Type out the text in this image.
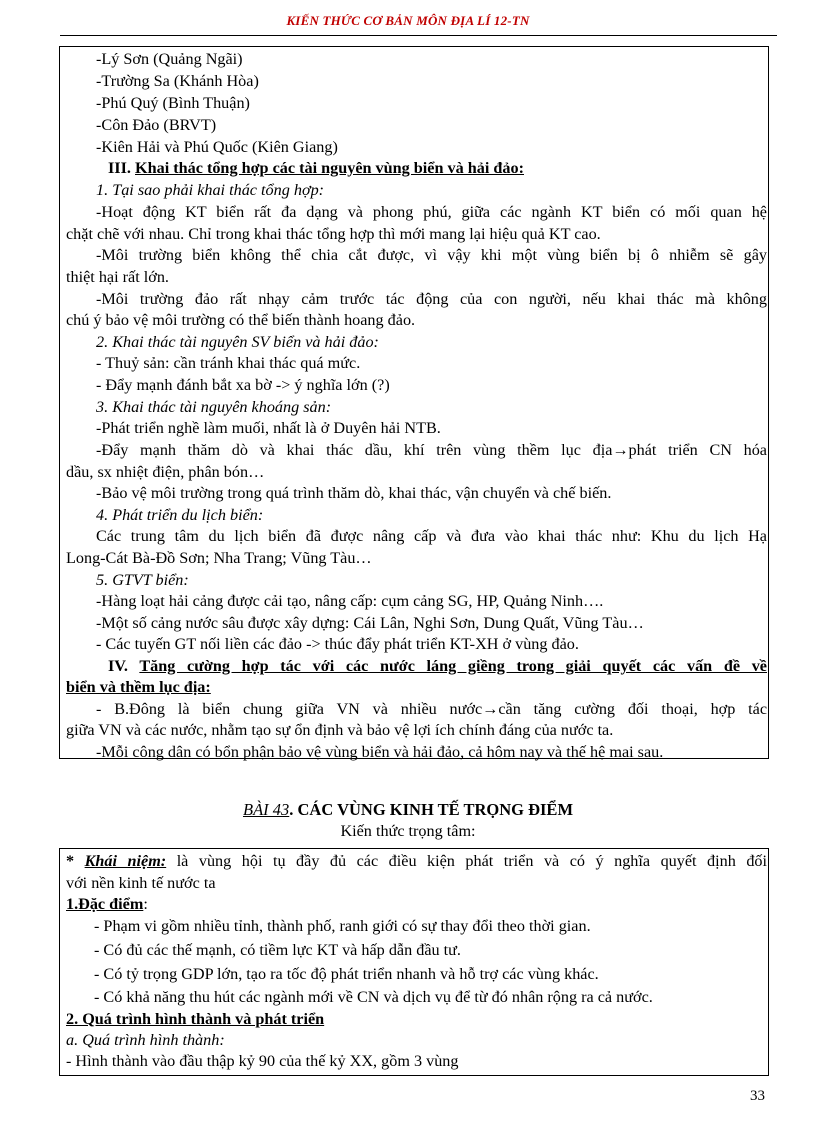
KIẾN THỨC CƠ BẢN MÔN ĐỊA LÍ 12-TN
-Lý Sơn (Quảng Ngãi)
-Trường Sa (Khánh Hòa)
-Phú Quý (Bình Thuận)
-Côn Đảo (BRVT)
-Kiên Hải và Phú Quốc (Kiên Giang)
III. Khai thác tổng hợp các tài nguyên vùng biển và hải đảo:
1. Tại sao phải khai thác tổng hợp:
-Hoạt động KT biển rất đa dạng và phong phú, giữa các ngành KT biển có mối quan hệ
chặt chẽ với nhau. Chỉ trong khai thác tổng hợp thì mới mang lại hiệu quả KT cao.
-Môi trường biển không thể chia cắt được, vì vậy khi một vùng biển bị ô nhiễm sẽ gây
thiệt hại rất lớn.
-Môi trường đảo rất nhạy cảm trước tác động của con người, nếu khai thác mà không
chú ý bảo vệ môi trường có thể biến thành hoang đảo.
2. Khai thác tài nguyên SV biển và hải đảo:
- Thuỷ sản: cần tránh khai thác quá mức.
- Đẩy mạnh đánh bắt xa bờ -> ý nghĩa lớn (?)
3. Khai thác tài nguyên khoáng sản:
-Phát triển nghề làm muối, nhất là ở Duyên hải NTB.
-Đẩy mạnh thăm dò và khai thác dầu, khí trên vùng thềm lục địa→phát triển CN hóa
dầu, sx nhiệt điện, phân bón…
-Bảo vệ môi trường trong quá trình thăm dò, khai thác, vận chuyển và chế biến.
4. Phát triển du lịch biển:
Các trung tâm du lịch biển đã được nâng cấp và đưa vào khai thác như: Khu du lịch Hạ
Long-Cát Bà-Đồ Sơn; Nha Trang; Vũng Tàu…
5. GTVT biển:
-Hàng loạt hải cảng được cải tạo, nâng cấp: cụm cảng SG, HP, Quảng Ninh….
-Một số cảng nước sâu được xây dựng: Cái Lân, Nghi Sơn, Dung Quất, Vũng Tàu…
- Các tuyến GT nối liền các đảo -> thúc đẩy phát triển KT-XH ở vùng đảo.
IV. Tăng cường hợp tác với các nước láng giềng trong giải quyết các vấn đề về
biển và thềm lục địa:
- B.Đông là biển chung giữa VN và nhiều nước→cần tăng cường đối thoại, hợp tác
giữa VN và các nước, nhằm tạo sự ổn định và bảo vệ lợi ích chính đáng của nước ta.
-Mỗi công dân có bổn phận bảo vệ vùng biển và hải đảo, cả hôm nay và thế hệ mai sau.
BÀI 43. CÁC VÙNG KINH TẾ TRỌNG ĐIỂM
Kiến thức trọng tâm:
* Khái niệm: là vùng hội tụ đầy đủ các điều kiện phát triển và có ý nghĩa quyết định đối
với nền kinh tế nước ta
1.Đặc điểm:
- Phạm vi gồm nhiều tỉnh, thành phố, ranh giới có sự thay đổi theo thời gian.
- Có đủ các thế mạnh, có tiềm lực KT và hấp dẫn đầu tư.
- Có tỷ trọng GDP lớn, tạo ra tốc độ phát triển nhanh và hỗ trợ các vùng khác.
- Có khả năng thu hút các ngành mới về CN và dịch vụ để từ đó nhân rộng ra cả nước.
2. Quá trình hình thành và phát triển
a. Quá trình hình thành:
- Hình thành vào đầu thập kỷ 90 của thế kỷ XX, gồm 3 vùng
33
